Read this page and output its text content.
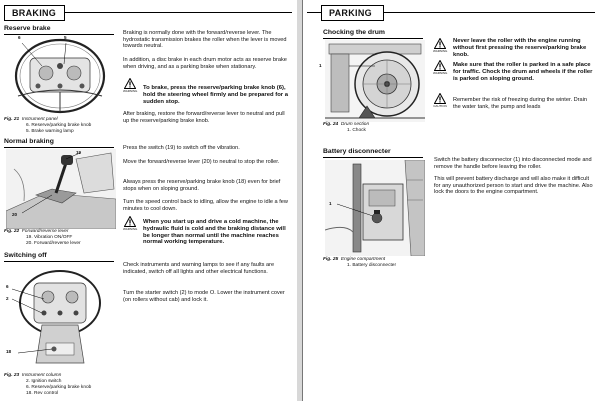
BRAKING
Reserve brake
6	5
Fig. 21 Instrument panel
6. Reserve/parking brake knob
5. Brake warning lamp

Braking is normally done with the forward/reverse lever. The hydrostatic transmission brakes the roller when the lever is moved towards neutral.

In addition, a disc brake in each drum motor acts as reserve brake when driving, and as a parking brake when stationary.

WARNING To brake, press the reserve/parking brake knob (6), hold the steering wheel firmly and be prepared for a sudden stop.

After braking, restore the forward/reverse lever to neutral and pull up the reserve/parking brake knob.

Normal braking
19
20
Fig. 22 Forward/reverse lever
19. Vibration ON/OFF
20. Forward/reverse lever

Press the switch (19) to switch off the vibration.

Move the forward/reverse lever (20) to neutral to stop the roller.

Always press the reserve/parking brake knob (18) even for brief stops when on sloping ground.

Turn the speed control back to idling, allow the engine to idle a few minutes to cool down.

WARNING

When you start up and drive a cold machine, the hydraulic fluid is cold and the braking distance will be longer than normal until the machine reaches normal working temperature.

Switching off
6
2
18
Fig. 23 Instrument column
2. Ignition switch
6. Reserve/parking brake knob
18. Rev control

Check instruments and warning lamps to see if any faults are indicated, switch off all lights and other electrical functions.

Turn the starter switch (2) to mode O. Lower the instrument cover (on rollers without cab) and lock it.

PARKING
Chocking the drum
1
Fig. 24 Drum section
1. Chock
WARNING

Never leave the roller with the engine running without first pressing the reserve/parking brake knob.

WARNING

Make sure that the roller is parked in a safe place for traffic. Chock the drum and wheels if the roller is parked on sloping ground.

CAUTION

Remember the risk of freezing during the winter. Drain the water tank, the pump and leads

Battery disconnecter
1
Fig. 25 Engine compartment
1. Battery disconnecter

Switch the battery disconnector (1) into disconnected mode and remove the handle before leaving the roller.

This will prevent battery discharge and will also make it difficult for any unauthorized person to start and drive the machine. Also lock the doors to the engine compartment.
